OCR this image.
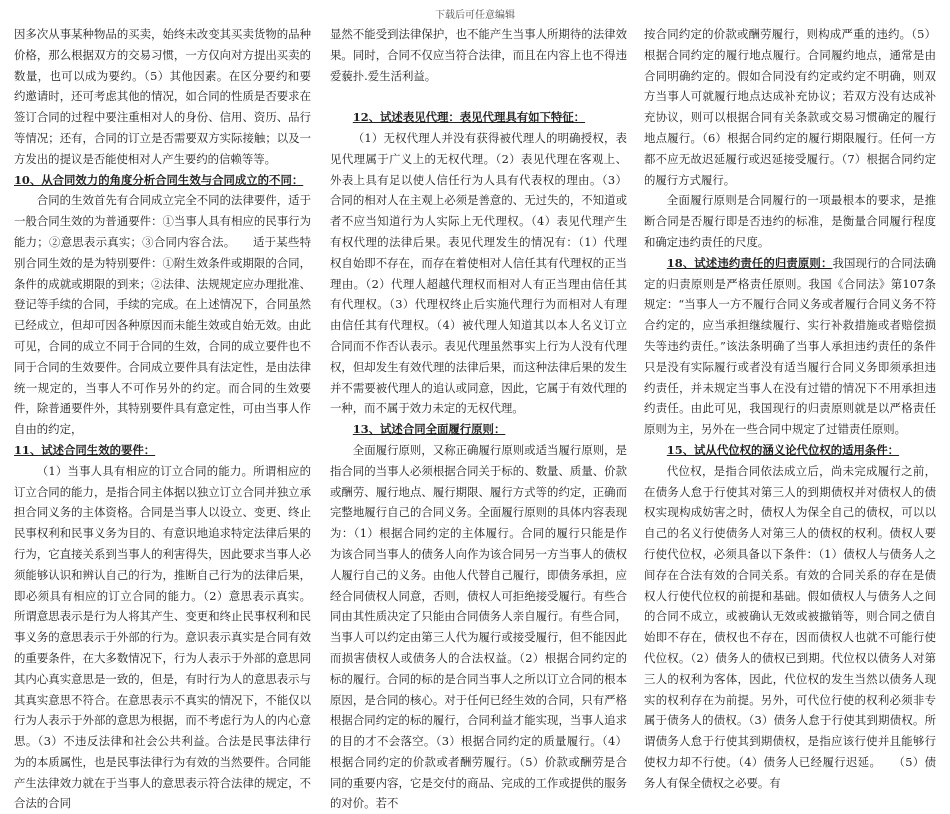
下载后可任意编辑

因多次从事某种物品的买卖，始终未改变其买卖货物的品种价格，那么根据双方的交易习惯，一方仅向对方提出买卖的数量，也可以成为要约。（5）其他因素。在区分要约和要约邀请时，还可考虑其他的情况，如合同的性质是否要求在签订合同的过程中要注重相对人的身份、信用、资历、品行等情况；还有，合同的订立是否需要双方实际接触；以及一方发出的提议是否能使相对人产生要约的信赖等等。

10、从合同效力的角度分析合同生效与合同成立的不同：

合同的生效首先有合同成立完全不同的法律要件，适于一般合同生效的为普通要件：①当事人具有相应的民事行为能力；②意思表示真实；③合同内容合法。　　适于某些特别合同生效的是为特别要件：①附生效条件或期限的合同，条件的成就或期限的到来；②法律、法规规定应办理批准、登记等手续的合同，手续的完成。在上述情况下，合同虽然已经成立，但却可因各种原因而未能生效或自始无效。由此可见，合同的成立不同于合同的生效，合同的成立要件也不同于合同的生效要件。合同成立要件具有法定性，是由法律统一规定的，当事人不可作另外的约定。而合同的生效要件，除普通要件外，其特别要件具有意定性，可由当事人作自由的约定，

11、试述合同生效的要件：

（1）当事人具有相应的订立合同的能力。所谓相应的订立合同的能力，是指合同主体据以独立订立合同并独立承担合同义务的主体资格。合同是当事人以设立、变更、终止民事权利和民事义务为目的、有意识地追求特定法律后果的行为，它直接关系到当事人的利害得失，因此要求当事人必须能够认识和辨认自己的行为，推断自己行为的法律后果，即必须具有相应的订立合同的能力。（2）意思表示真实。所谓意思表示是行为人将其产生、变更和终止民事权利和民事义务的意思表示于外部的行为。意识表示真实是合同有效的重要条件，在大多数情况下，行为人表示于外部的意思同其内心真实意思是一致的，但是，有时行为人的意思表示与其真实意思不符合。在意思表示不真实的情况下，不能仅以行为人表示于外部的意思为根据，而不考虑行为人的内心意思。（3）不违反法律和社会公共利益。合法是民事法律行为的本质属性，也是民事法律行为有效的当然要件。合同能产生法律效力就在于当事人的意思表示符合法律的规定，不合法的合同

显然不能受到法律保护，也不能产生当事人所期待的法律效果。同时，合同不仅应当符合法律，而且在内容上也不得违爱藐扑.爱生活利益。

12、试述表见代理：表见代理具有如下特征：

（1）无权代理人并没有获得被代理人的明确授权，表见代理属于广义上的无权代理。（2）表见代理在客观上、外表上具有足以使人信任行为人具有代表权的理由。（3）合同的相对人在主观上必须是善意的、无过失的，不知道或者不应当知道行为人实际上无代理权。（4）表见代理产生有权代理的法律后果。表见代理发生的情况有：（1）代理权自始即不存在，而存在着使相对人信任其有代理权的正当理由。（2）代理人超越代理权而相对人有正当理由信任其有代理权。（3）代理权终止后实施代理行为而相对人有理由信任其有代理权。（4）被代理人知道其以本人名义订立合同而不作否认表示。表见代理虽然事实上行为人没有代理权，但却发生有效代理的法律后果，而这种法律后果的发生并不需要被代理人的追认或同意，因此，它属于有效代理的一种，而不属于效力未定的无权代理。

13、试述合同全面履行原则：

全面履行原则，又称正确履行原则或适当履行原则，是指合同的当事人必须根据合同关于标的、数量、质量、价款或酬劳、履行地点、履行期限、履行方式等的约定，正确而完整地履行自己的合同义务。全面履行原则的具体内容表现为：（1）根据合同约定的主体履行。合同的履行只能是作为该合同当事人的债务人向作为该合同另一方当事人的债权人履行自己的义务。由他人代替自己履行，即债务承担，应经合同债权人同意，否则，债权人可拒绝接受履行。有些合同由其性质决定了只能由合同债务人亲自履行。有些合同，当事人可以约定由第三人代为履行或接受履行，但不能因此而损害债权人或债务人的合法权益。（2）根据合同约定的标的履行。合同的标的是合同当事人之所以订立合同的根本原因，是合同的核心。对于任何已经生效的合同，只有严格根据合同约定的标的履行，合同利益才能实现，当事人追求的目的才不会落空。（3）根据合同约定的质量履行。（4）根据合同约定的价款或者酬劳履行。（5）价款或酬劳是合同的重要内容，它是交付的商品、完成的工作或提供的服务的对价。若不

按合同约定的价款或酬劳履行，则构成严重的违约。（5）根据合同约定的履行地点履行。合同履约地点，通常是由合同明确约定的。假如合同没有约定或约定不明确，则双方当事人可就履行地点达成补充协议；若双方没有达成补充协议，则可以根据合同有关条款或交易习惯确定的履行地点履行。（6）根据合同约定的履行期限履行。任何一方都不应无故迟延履行或迟延接受履行。（7）根据合同约定的履行方式履行。

全面履行原则是合同履行的一项最根本的要求，是推断合同是否履行即是否违约的标准，是衡量合同履行程度和确定违约责任的尺度。

18、试述违约责任的归责原则：我国现行的合同法确定的归责原则是严格责任原则。我国《合同法》第107条规定：“当事人一方不履行合同义务或者履行合同义务不符合约定的，应当承担继续履行、实行补救措施或者赔偿损失等违约责任。”该法条明确了当事人承担违约责任的条件只是没有实际履行或者没有适当履行合同义务即须承担违约责任，并未规定当事人在没有过错的情况下不用承担违约责任。由此可见，我国现行的归责原则就是以严格责任原则为主，另外在一些合同中规定了过错责任原则。

15、试从代位权的涵义论代位权的适用条件：

代位权，是指合同依法成立后，尚未完成履行之前，在债务人怠于行使其对第三人的到期债权并对债权人的债权实现构成妨害之时，债权人为保全自己的债权，可以以自己的名义行使债务人对第三人的债权的权利。债权人要行使代位权，必须具备以下条件：（1）债权人与债务人之间存在合法有效的合同关系。有效的合同关系的存在是债权人行使代位权的前提和基础。假如债权人与债务人之间的合同不成立，或被确认无效或被撤销等，则合同之债自始即不存在，债权也不存在，因而债权人也就不可能行使代位权。（2）债务人的债权已到期。代位权以债务人对第三人的权利为客体，因此，代位权的发生当然以债务人现实的权利存在为前提。另外，可代位行使的权利必须非专属于债务人的债权。（3）债务人怠于行使其到期债权。所谓债务人怠于行使其到期债权，是指应该行使并且能够行使权力却不行使。（4）债务人已经履行迟延。　　（5）债务人有保全债权之必要。有
